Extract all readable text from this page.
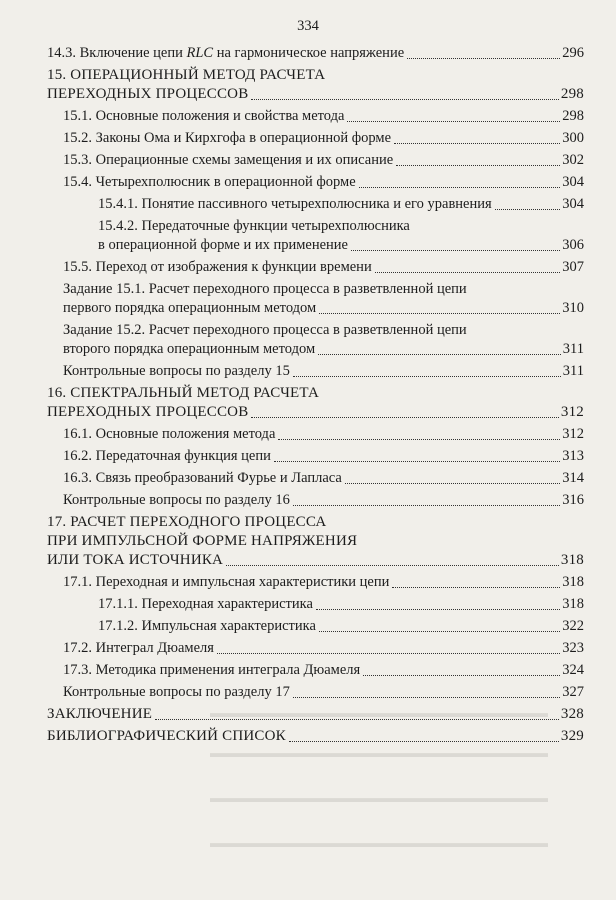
334
▬▬▬▬▬▬▬▬▬▬▬▬▬▬▬▬▬▬▬▬▬▬▬▬▬▬
▬▬▬▬▬▬▬▬▬▬▬▬▬▬▬▬▬▬▬▬▬▬▬▬▬▬
▬▬▬▬▬▬▬▬▬▬▬▬▬▬▬▬▬▬▬▬▬▬▬▬▬▬
▬▬▬▬▬▬▬▬▬▬▬▬▬▬▬▬▬▬▬▬▬▬▬▬▬▬
14.3. Включение цепи RLC на гармоническое напряжение	296
15. ОПЕРАЦИОННЫЙ МЕТОД РАСЧЕТА
ПЕРЕХОДНЫХ ПРОЦЕССОВ	298
15.1. Основные положения и свойства метода	298
15.2. Законы Ома и Кирхгофа в операционной форме	300
15.3. Операционные схемы замещения и их описание	302
15.4. Четырехполюсник в операционной форме	304
15.4.1. Понятие пассивного четырехполюсника и его уравнения	304
15.4.2. Передаточные функции четырехполюсника
в операционной форме и их применение	306
15.5. Переход от изображения к функции времени	307
Задание 15.1. Расчет переходного процесса в разветвленной цепи
первого порядка операционным методом	310
Задание 15.2. Расчет переходного процесса в разветвленной цепи
второго порядка операционным методом	311
Контрольные вопросы по разделу 15	311
16. СПЕКТРАЛЬНЫЙ МЕТОД РАСЧЕТА
ПЕРЕХОДНЫХ ПРОЦЕССОВ	312
16.1. Основные положения метода	312
16.2. Передаточная функция цепи	313
16.3. Связь преобразований Фурье и Лапласа	314
Контрольные вопросы по разделу 16	316
17. РАСЧЕТ ПЕРЕХОДНОГО ПРОЦЕССА
ПРИ ИМПУЛЬСНОЙ ФОРМЕ НАПРЯЖЕНИЯ
ИЛИ ТОКА ИСТОЧНИКА	318
17.1. Переходная и импульсная характеристики цепи	318
17.1.1. Переходная характеристика	318
17.1.2. Импульсная характеристика	322
17.2. Интеграл Дюамеля	323
17.3. Методика применения интеграла Дюамеля	324
Контрольные вопросы по разделу 17	327
ЗАКЛЮЧЕНИЕ	328
БИБЛИОГРАФИЧЕСКИЙ СПИСОК	329
